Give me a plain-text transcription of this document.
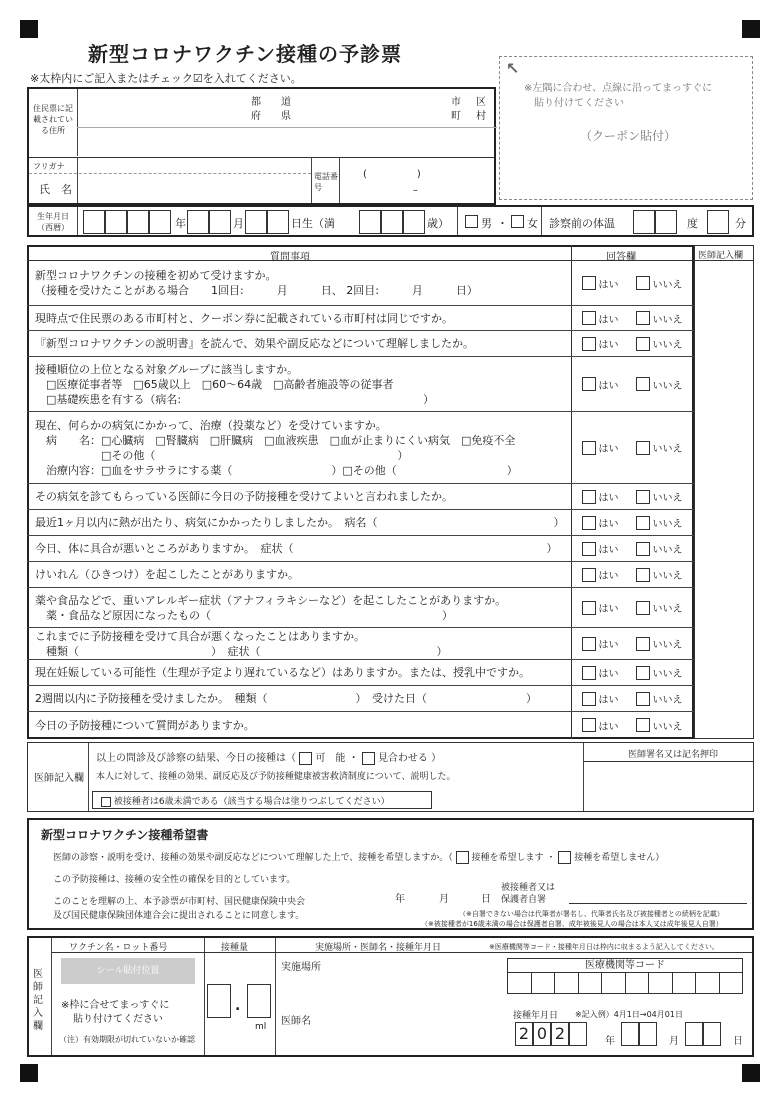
新型コロナワクチン接種の予診票
※太枠内にご記入またはチェック☑を入れてください。
↖
※左隅に合わせ、点線に沿ってまっすぐに
貼り付けてください
（クーポン貼付）
住民票に記載されている住所
都 道
府 県
市 区
町 村
フリガナ
氏　名
電話番号
(　　　　　)
–
生年月日（西暦）	年	月	日生（満	歳）	男 ・ 女 診察前の体温	度	分
質問事項	回答欄	医師記入欄
新型コロナワクチンの接種を初めて受けますか。
（接種を受けたことがある場合　　1回目:　　　月　　　日、 2回目:　　　月　　　日）	はい	いいえ
現時点で住民票のある市町村と、クーポン券に記載されている市町村は同じですか。	はい	いいえ
『新型コロナワクチンの説明書』を読んで、効果や副反応などについて理解しましたか。	はい	いいえ
接種順位の上位となる対象グループに該当しますか。
　□医療従事者等　□65歳以上　□60～64歳　□高齢者施設等の従事者
　□基礎疾患を有する（病名:　　　　　　　　　　　　　　　　　　　　　　）
はい	いいえ
現在、何らかの病気にかかって、治療（投薬など）を受けていますか。
　病　　名：□心臓病　□腎臓病　□肝臓病　□血液疾患　□血が止まりにくい病気　□免疫不全
　　　　　　□その他（　　　　　　　　　　　　　　　　　　　　　　）
　治療内容：□血をサラサラにする薬（　　　　　　　　　）□その他（　　　　　　　　　　）
はい	いいえ
その病気を診てもらっている医師に今日の予防接種を受けてよいと言われましたか。	はい	いいえ
最近1ヶ月以内に熱が出たり、病気にかかったりしましたか。　病名（　　　　　　　　　　　　　　　　）	はい	いいえ
今日、体に具合が悪いところがありますか。　症状（　　　　　　　　　　　　　　　　　　　　　　　）	はい	いいえ
けいれん（ひきつけ）を起こしたことがありますか。	はい	いいえ
薬や食品などで、重いアレルギー症状（アナフィラキシーなど）を起こしたことがありますか。
　薬・食品など原因になったもの（　　　　　　　　　　　　　　　　　　　　　）	はい	いいえ
これまでに予防接種を受けて具合が悪くなったことはありますか。
　種類（　　　　　　　　　　　　）　症状（　　　　　　　　　　　　　　　　）	はい	いいえ
現在妊娠している可能性（生理が予定より遅れているなど）はありますか。または、授乳中ですか。	はい	いいえ
2週間以内に予防接種を受けましたか。　種類（　　　　　　　　）　受けた日（　　　　　　　　　）	はい	いいえ
今日の予防接種について質問がありますか。	はい	いいえ
医師記入欄
以上の問診及び診察の結果、今日の接種は（ 可　能 ・ 見合わせる ）
本人に対して、接種の効果、副反応及び予防接種健康被害救済制度について、説明した。
被接種者は6歳未満である（該当する場合は塗りつぶしてください）
医師署名又は記名押印
新型コロナワクチン接種希望書
医師の診察・説明を受け、接種の効果や副反応などについて理解した上で、接種を希望しますか。（ 接種を希望します ・ 接種を希望しません）
この予防接種は、接種の安全性の確保を目的としています。
このことを理解の上、本予診票が市町村、国民健康保険中央会
及び国民健康保険団体連合会に提出されることに同意します。
年	月	日
被接種者又は
保護者自署
（※自署できない場合は代筆者が署名し、代筆者氏名及び被接種者との続柄を記載）
（※被接種者が16歳未満の場合は保護者自署、成年被後見人の場合は本人又は成年後見人自署）
医師記入欄
ワクチン名・ロット番号	接種量	実施場所・医師名・接種年月日	※医療機関等コード・接種年月日は枠内に収まるよう記入してください。
シール貼付位置
※枠に合せてまっすぐに
貼り付けてください
（注）有効期限が切れていないか確認
.
ml
実施場所
医師名
医療機関等コード
接種年月日 ※記入例）4月1日→04月01日
2 0 2	年	月	日
